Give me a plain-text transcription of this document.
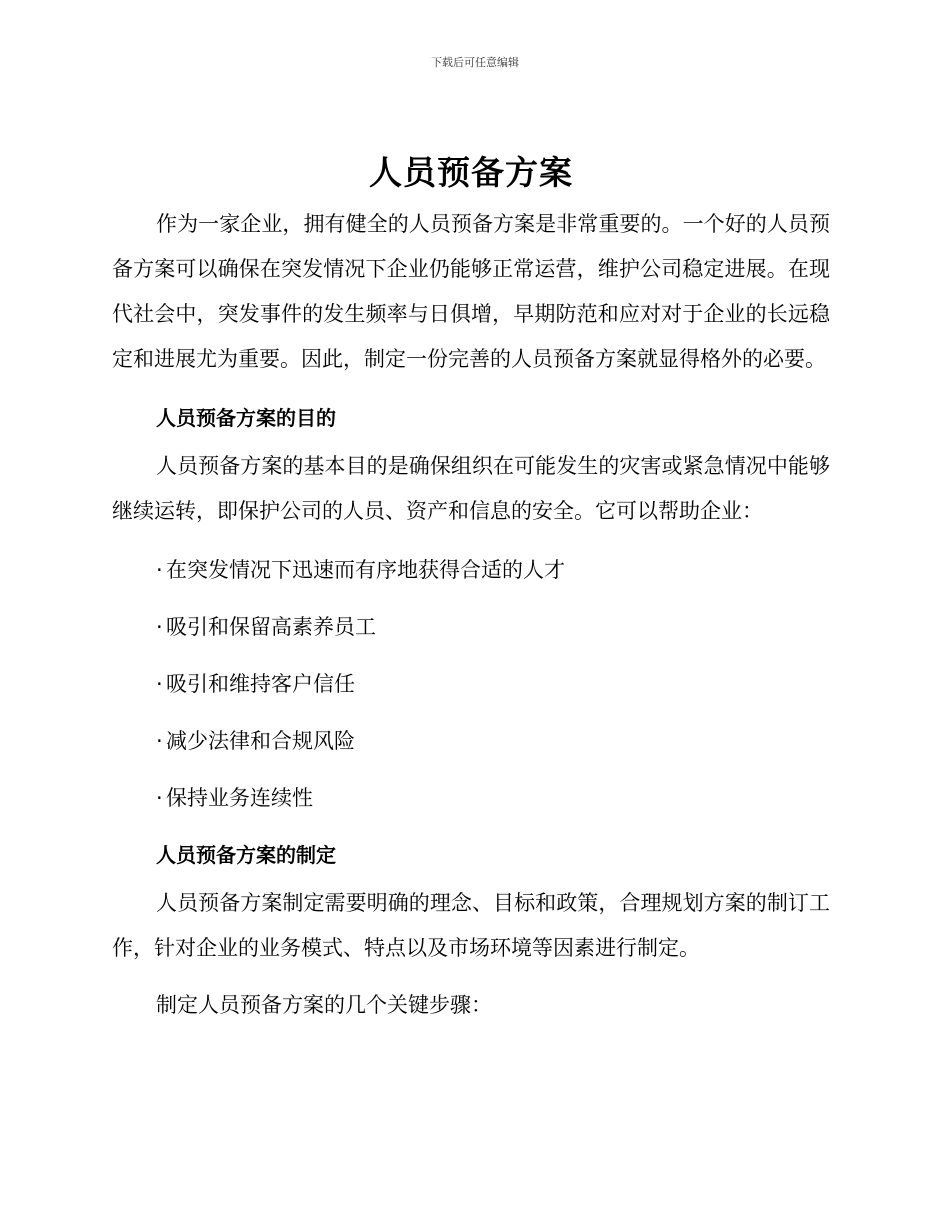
下载后可任意编辑
人员预备方案

作为一家企业，拥有健全的人员预备方案是非常重要的。一个好的人员预备方案可以确保在突发情况下企业仍能够正常运营，维护公司稳定进展。在现代社会中，突发事件的发生频率与日俱增，早期防范和应对对于企业的长远稳定和进展尤为重要。因此，制定一份完善的人员预备方案就显得格外的必要。

人员预备方案的目的

人员预备方案的基本目的是确保组织在可能发生的灾害或紧急情况中能够继续运转，即保护公司的人员、资产和信息的安全。它可以帮助企业：

· 在突发情况下迅速而有序地获得合适的人才
· 吸引和保留高素养员工
· 吸引和维持客户信任
· 减少法律和合规风险
· 保持业务连续性
人员预备方案的制定

人员预备方案制定需要明确的理念、目标和政策，合理规划方案的制订工作，针对企业的业务模式、特点以及市场环境等因素进行制定。

制定人员预备方案的几个关键步骤：
